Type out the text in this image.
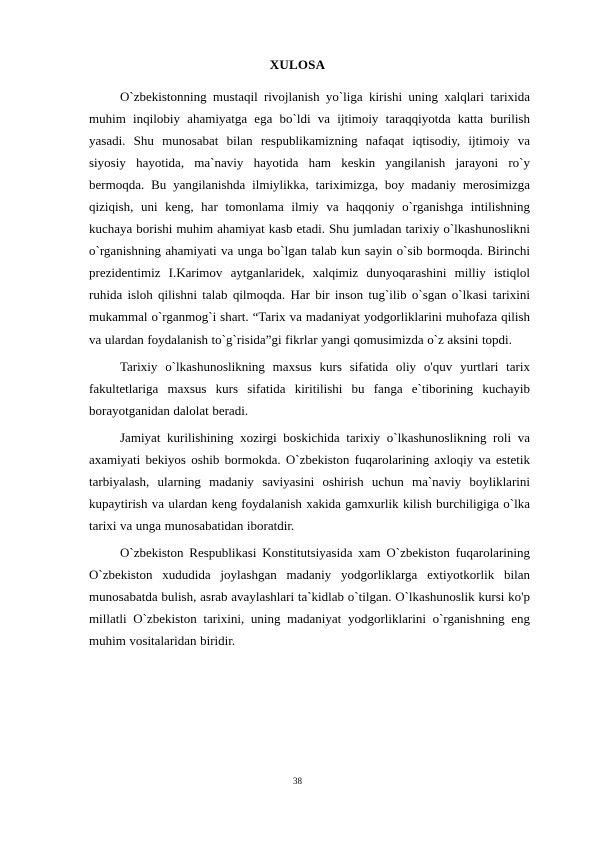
XULOSA

O`zbekistonning mustaqil rivojlanish yo`liga kirishi uning xalqlari tarixida muhim inqilobiy ahamiyatga ega bo`ldi va ijtimoiy taraqqiyotda katta burilish yasadi. Shu munosabat bilan respublikamizning nafaqat iqtisodiy, ijtimoiy va siyosiy hayotida, ma`naviy hayotida ham keskin yangilanish jarayoni ro`y bermoqda. Bu yangilanishda ilmiylikka, tariximizga, boy madaniy merosimizga qiziqish, uni keng, har tomonlama ilmiy va haqqoniy o`rganishga intilishning kuchaya borishi muhim ahamiyat kasb etadi. Shu jumladan tarixiy o`lkashunoslikni o`rganishning ahamiyati va unga bo`lgan talab kun sayin o`sib bormoqda. Birinchi prezidentimiz I.Karimov aytganlaridek, xalqimiz dunyoqarashini milliy istiqlol ruhida isloh qilishni talab qilmoqda. Har bir inson tug`ilib o`sgan o`lkasi tarixini mukammal o`rganmog`i shart. “Tarix va madaniyat yodgorliklarini muhofaza qilish va ulardan foydalanish to`g`risida”gi fikrlar yangi qomusimizda o`z aksini topdi.

Tarixiy o`lkashunoslikning maxsus kurs sifatida oliy o'quv yurtlari tarix fakultetlariga maxsus kurs sifatida kiritilishi bu fanga e`tiborining kuchayib borayotganidan dalolat beradi.

Jamiyat kurilishining xozirgi boskichida tarixiy o`lkashunoslikning roli va axamiyati bekiyos oshib bormokda. O`zbekiston fuqarolarining axloqiy va estetik tarbiyalash, ularning madaniy saviyasini oshirish uchun ma`naviy boyliklarini kupaytirish va ulardan keng foydalanish xakida gamxurlik kilish burchiligiga o`lka tarixi va unga munosabatidan iboratdir.

O`zbekiston Respublikasi Konstitutsiyasida xam O`zbekiston fuqarolarining O`zbekiston xududida joylashgan madaniy yodgorliklarga extiyotkorlik bilan munosabatda bulish, asrab avaylashlari ta`kidlab o`tilgan. O`lkashunoslik kursi ko'p millatli O`zbekiston tarixini, uning madaniyat yodgorliklarini o`rganishning eng muhim vositalaridan biridir.

38
